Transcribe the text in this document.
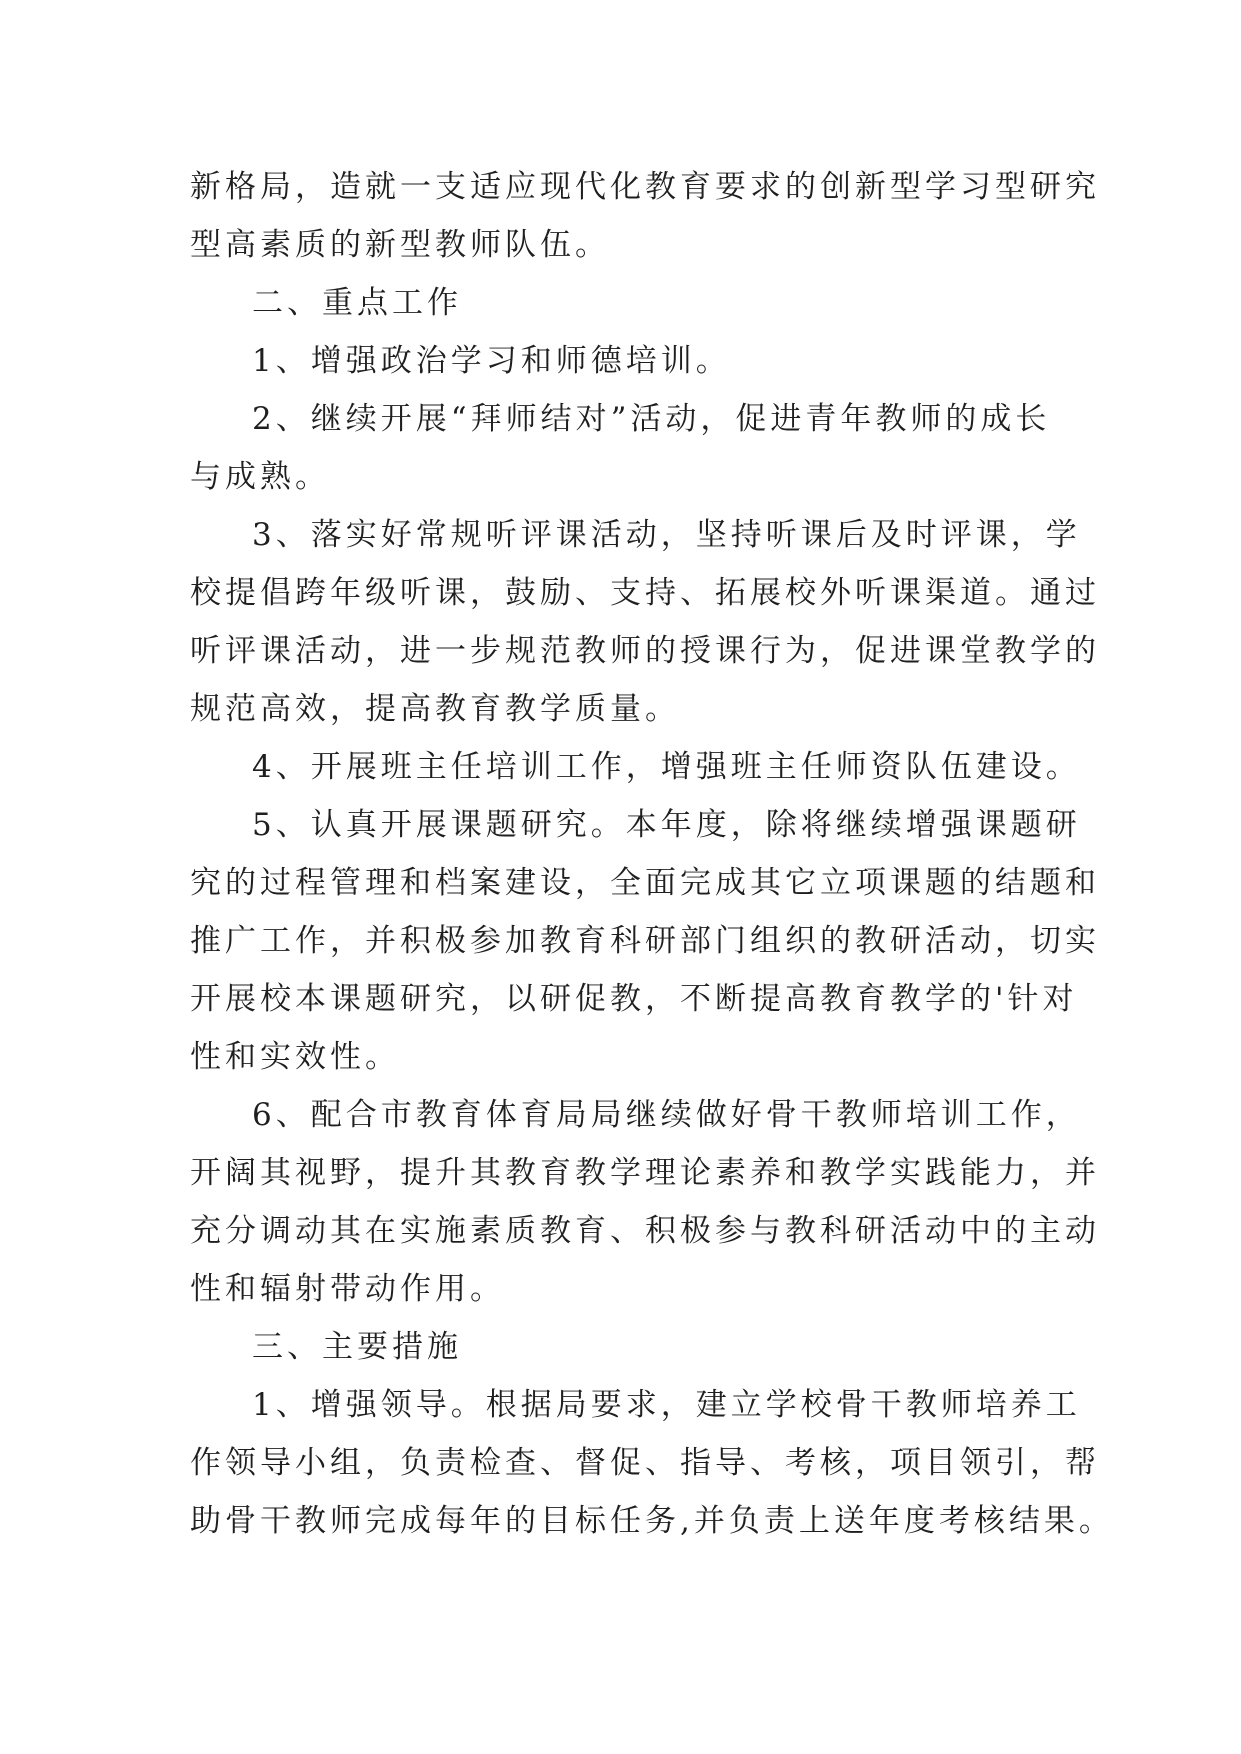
新格局，造就一支适应现代化教育要求的创新型学习型研究
型高素质的新型教师队伍。
二、重点工作
1、增强政治学习和师德培训。
2、继续开展“拜师结对”活动，促进青年教师的成长
与成熟。
3、落实好常规听评课活动，坚持听课后及时评课，学
校提倡跨年级听课，鼓励、支持、拓展校外听课渠道。通过
听评课活动，进一步规范教师的授课行为，促进课堂教学的
规范高效，提高教育教学质量。
4、开展班主任培训工作，增强班主任师资队伍建设。
5、认真开展课题研究。本年度，除将继续增强课题研
究的过程管理和档案建设，全面完成其它立项课题的结题和
推广工作，并积极参加教育科研部门组织的教研活动，切实
开展校本课题研究，以研促教，不断提高教育教学的'针对
性和实效性。
6、配合市教育体育局局继续做好骨干教师培训工作，
开阔其视野，提升其教育教学理论素养和教学实践能力，并
充分调动其在实施素质教育、积极参与教科研活动中的主动
性和辐射带动作用。
三、主要措施
1、增强领导。根据局要求，建立学校骨干教师培养工
作领导小组，负责检查、督促、指导、考核，项目领引，帮
助骨干教师完成每年的目标任务,并负责上送年度考核结果。
